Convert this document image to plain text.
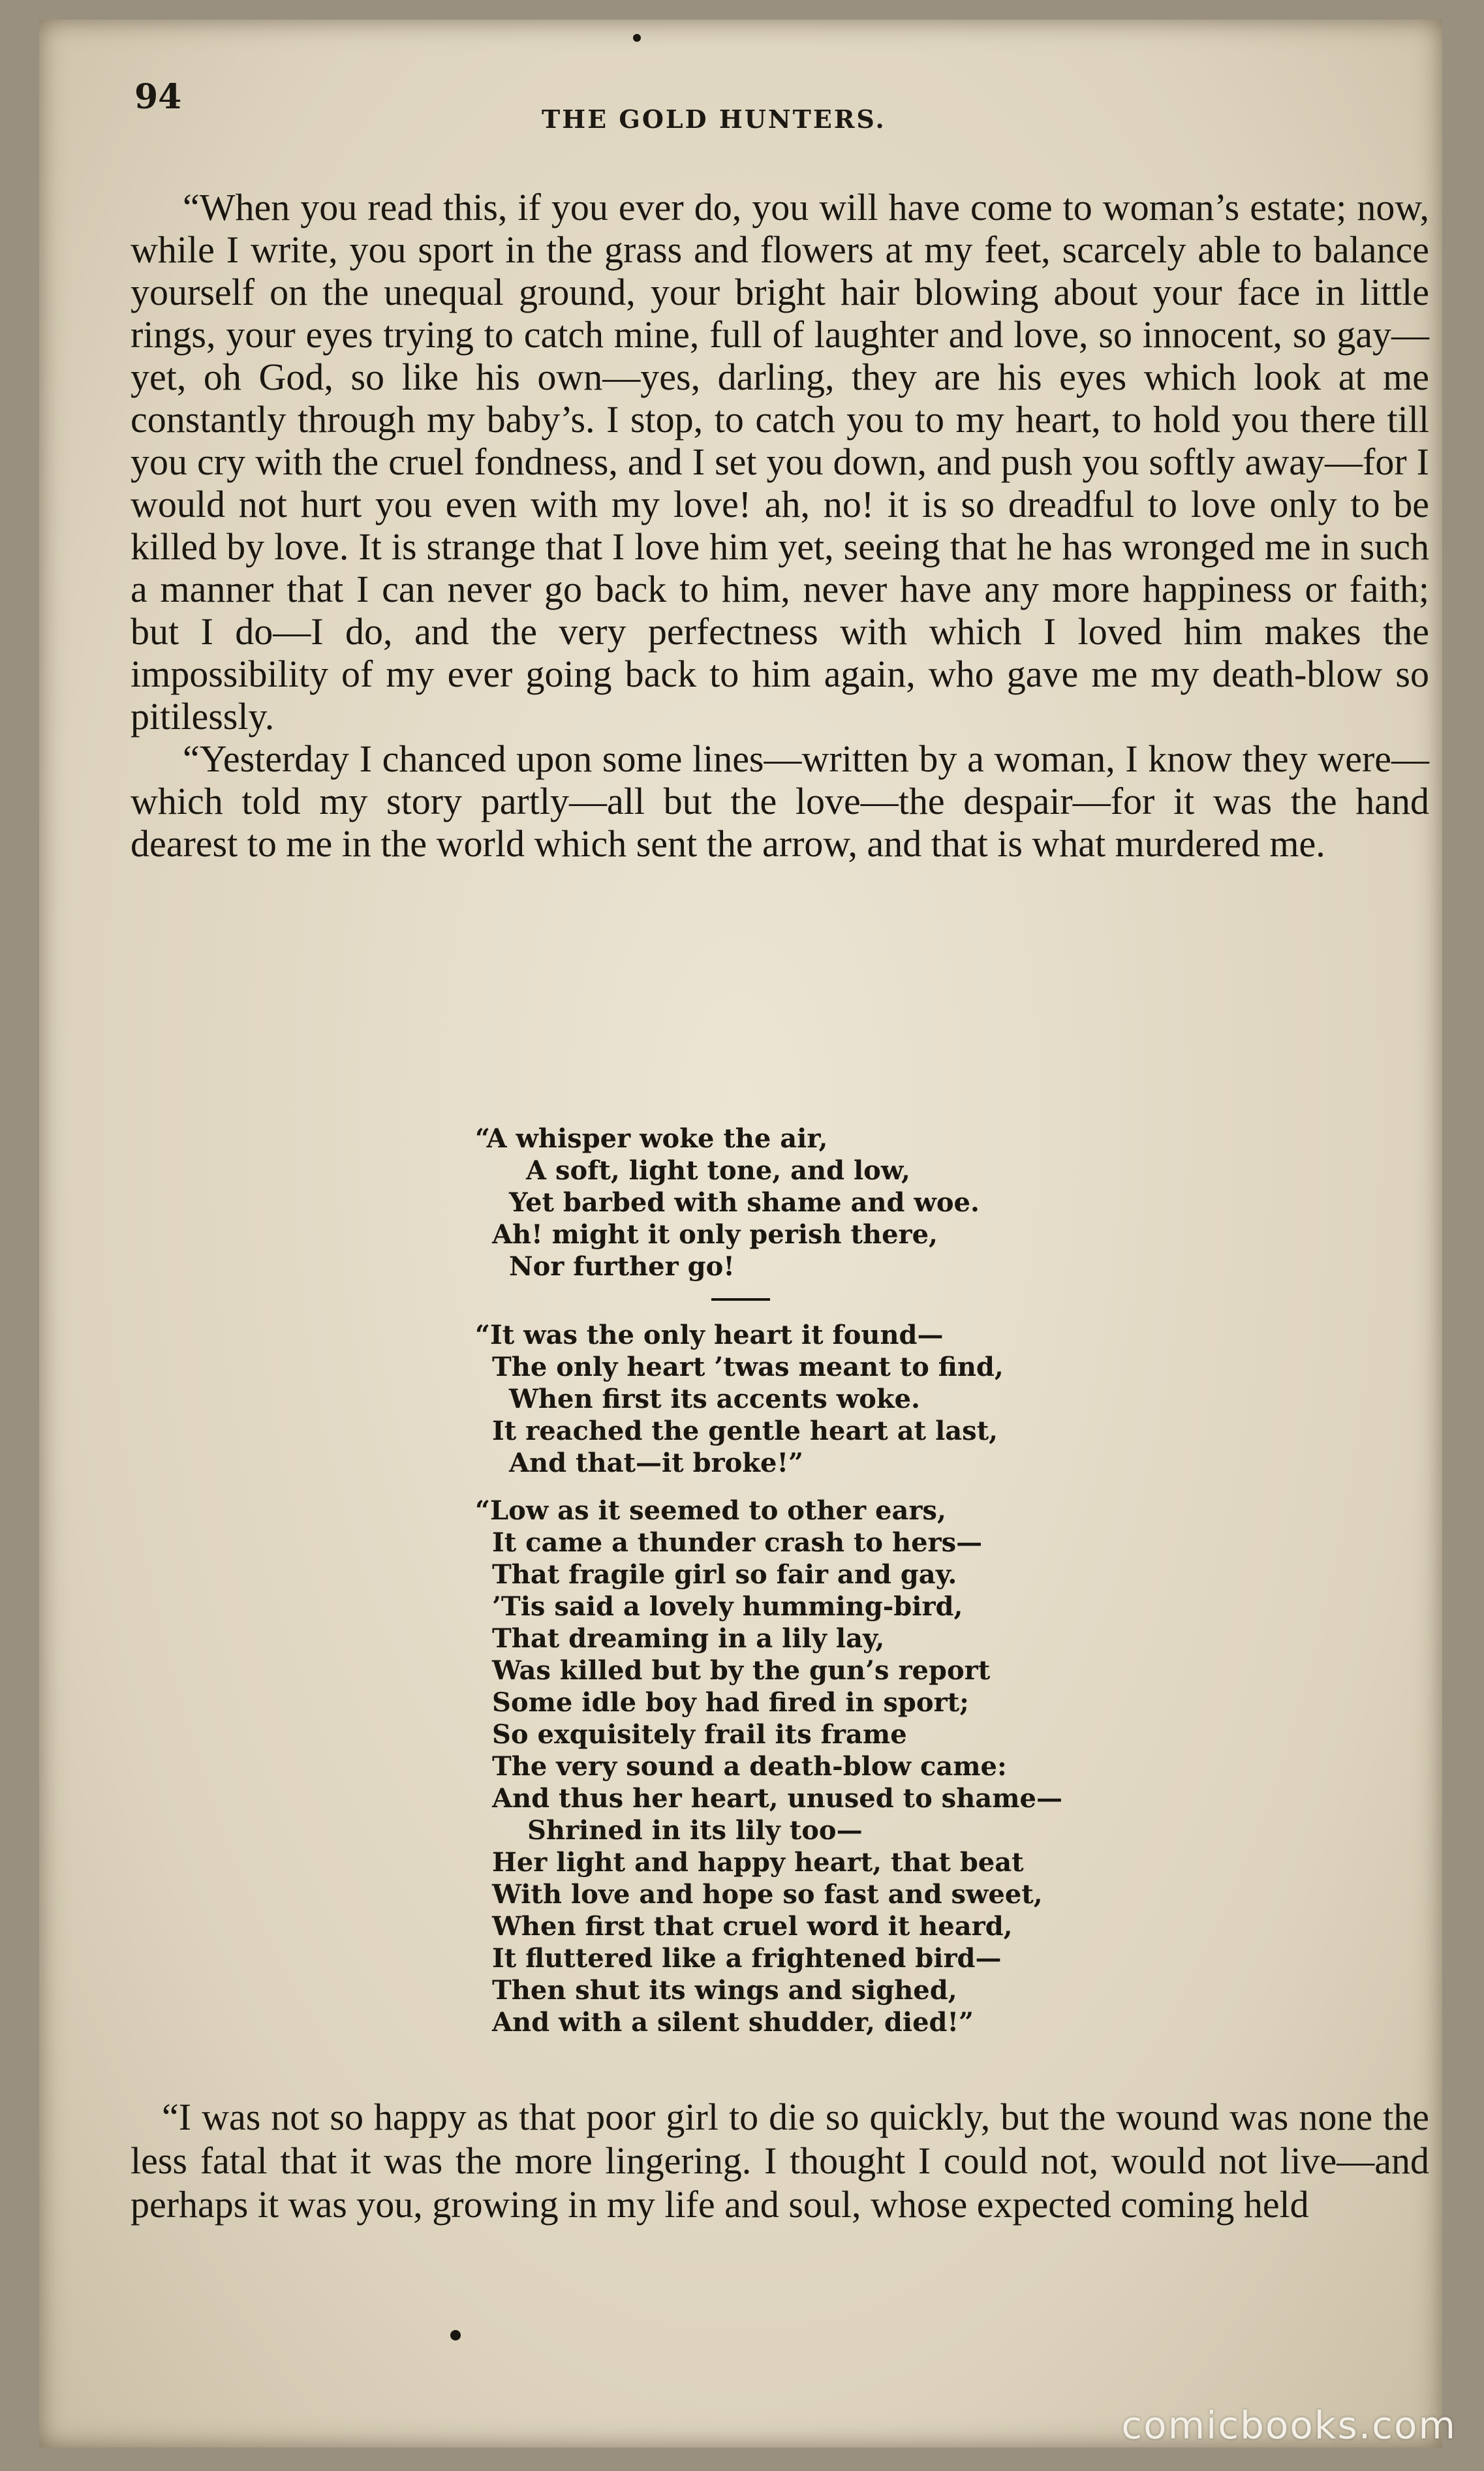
94
THE GOLD HUNTERS.

“When you read this, if you ever do, you will have come to woman’s estate; now, while I write, you sport in the grass and flowers at my feet, scarcely able to balance yourself on the unequal ground, your bright hair blowing about your face in little rings, your eyes trying to catch mine, full of laughter and love, so innocent, so gay—yet, oh God, so like his own—yes, darling, they are his eyes which look at me constantly through my baby’s. I stop, to catch you to my heart, to hold you there till you cry with the cruel fondness, and I set you down, and push you softly away—for I would not hurt you even with my love! ah, no! it is so dreadful to love only to be killed by love. It is strange that I love him yet, seeing that he has wronged me in such a manner that I can never go back to him, never have any more happiness or faith; but I do—I do, and the very perfectness with which I loved him makes the impossibility of my ever going back to him again, who gave me my death-blow so pitilessly.

“Yesterday I chanced upon some lines—written by a woman, I know they were—which told my story partly—all but the love—the despair—for it was the hand dearest to me in the world which sent the arrow, and that is what murdered me.

“A whisper woke the air,
A soft, light tone, and low,
Yet barbed with shame and woe.
Ah! might it only perish there,
Nor further go!
“It was the only heart it found—
The only heart ’twas meant to find,
When first its accents woke.
It reached the gentle heart at last,
And that—it broke!”
“Low as it seemed to other ears,
It came a thunder crash to hers—
That fragile girl so fair and gay.
’Tis said a lovely humming-bird,
That dreaming in a lily lay,
Was killed but by the gun’s report
Some idle boy had fired in sport;
So exquisitely frail its frame
The very sound a death-blow came:
And thus her heart, unused to shame—
Shrined in its lily too—
Her light and happy heart, that beat
With love and hope so fast and sweet,
When first that cruel word it heard,
It fluttered like a frightened bird—
Then shut its wings and sighed,
And with a silent shudder, died!”

“I was not so happy as that poor girl to die so quickly, but the wound was none the less fatal that it was the more lingering. I thought I could not, would not live—and perhaps it was you, growing in my life and soul, whose expected coming held

comicbooks.com
